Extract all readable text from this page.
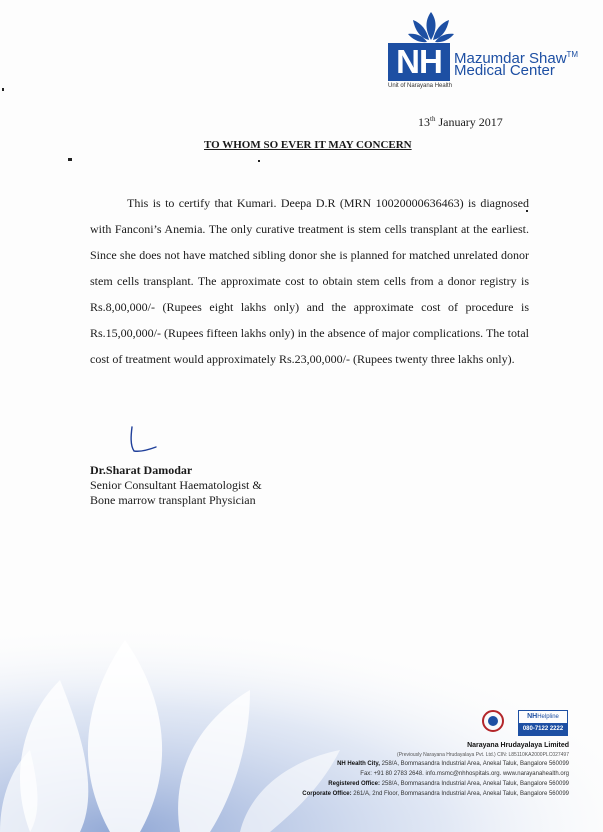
NH Mazumdar Shaw™
Medical Center
Unit of Narayana Health
13th January 2017
TO WHOM SO EVER IT MAY CONCERN

This is to certify that Kumari. Deepa D.R (MRN 10020000636463) is diagnosed with Fanconi’s Anemia. The only curative treatment is stem cells transplant at the earliest. Since she does not have matched sibling donor she is planned for matched unrelated donor stem cells transplant. The approximate cost to obtain stem cells from a donor registry is Rs.8,00,000/- (Rupees eight lakhs only) and the approximate cost of procedure is Rs.15,00,000/- (Rupees fifteen lakhs only) in the absence of major complications. The total cost of treatment would approximately Rs.23,00,000/- (Rupees twenty three lakhs only).

Dr.Sharat Damodar
Senior Consultant Haematologist &
Bone marrow transplant Physician
NHHelpline
080-7122 2222
Narayana Hrudayalaya Limited
(Previously Narayana Hrudayalaya Pvt. Ltd.) CIN: L85110KA2000PLC027497
NH Health City, 258/A, Bommasandra Industrial Area, Anekal Taluk, Bangalore 560099
Fax: +91 80 2783 2648. info.msmc@nhhospitals.org. www.narayanahealth.org
Registered Office: 258/A, Bommasandra Industrial Area, Anekal Taluk, Bangalore 560099
Corporate Office: 261/A, 2nd Floor, Bommasandra Industrial Area, Anekal Taluk, Bangalore 560099
